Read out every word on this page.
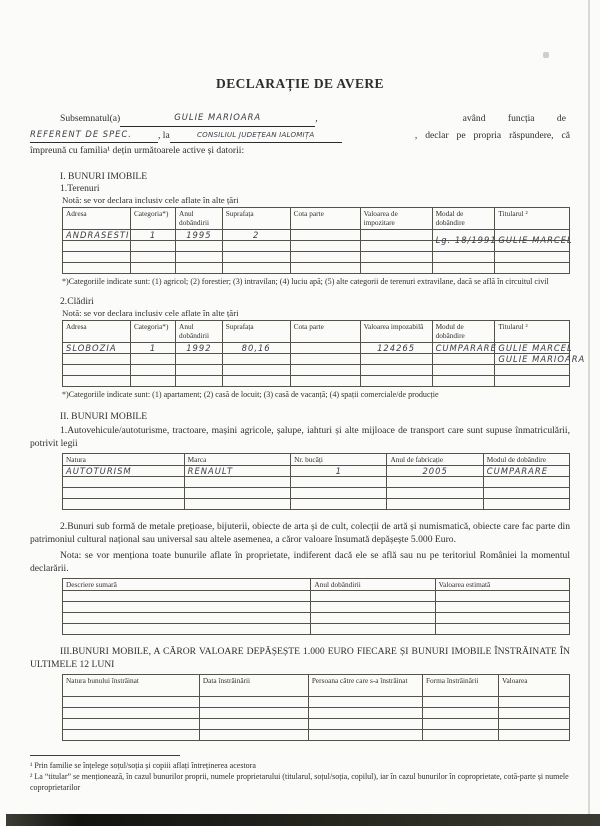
DECLARAȚIE DE AVERE
Subsemnatul(a)	GULIE MARIOARA	,	având funcția de
REFERENT DE SPEC.	, la	CONSILIUL JUDEȚEAN IALOMIȚA	, declar pe propria răspundere, că
împreună cu familia¹ dețin următoarele active și datorii:
I. BUNURI IMOBILE
1.Terenuri
Notă: se vor declara inclusiv cele aflate în alte țări
Adresa	Categoria*)	Anul dobândirii	Suprafața	Cota parte	Valoarea de impozitare	Modal de dobândire	Titularul ²
ANDRASESTI	1	1995	2			Lg. 18/1991	GULIE MARCEL

*)Categoriile indicate sunt: (1) agricol; (2) forestier; (3) intravilan; (4) luciu apă; (5) alte categorii de terenuri extravilane, dacă se află în circuitul civil
2.Clădiri
Notă: se vor declara inclusiv cele aflate în alte țări
Adresa	Categoria*)	Anul dobândirii	Suprafața	Cota parte	Valoarea impozabilă	Modul de dobândire	Titularul ²
SLOBOZIA	1	1992	80,16		124265	CUMPARARE	GULIE MARCEL
							GULIE MARIOARA

*)Categoriile indicate sunt: (1) apartament; (2) casă de locuit; (3) casă de vacanță; (4) spații comerciale/de producție
II. BUNURI MOBILE
1.Autovehicule/autoturisme, tractoare, mașini agricole, șalupe, iahturi și alte mijloace de transport care sunt supuse înmatriculării, potrivit legii
Natura	Marca	Nr. bucăți	Anul de fabricație	Modul de dobândire
AUTOTURISM	RENAULT	1	2005	CUMPARARE

2.Bunuri sub formă de metale prețioase, bijuterii, obiecte de arta și de cult, colecții de artă și numismatică, obiecte care fac parte din patrimoniul cultural național sau universal sau altele asemenea, a căror valoare însumată depășește 5.000 Euro.
Nota: se vor menționa toate bunurile aflate în proprietate, indiferent dacă ele se află sau nu pe teritoriul României la momentul declarării.
Descriere sumară	Anul dobândirii	Valoarea estimată

III.BUNURI MOBILE, A CĂROR VALOARE DEPĂȘEȘTE 1.000 EURO FIECARE ȘI BUNURI IMOBILE ÎNSTRĂINATE ÎN ULTIMELE 12 LUNI
Natura bunului înstrăinat	Data înstrăinării	Persoana către care s-a înstrăinat	Forma înstrăinării	Valoarea

¹ Prin familie se înțelege soțul/soția și copiii aflați întreținerea acestora
² La “titular” se menționează, în cazul bunurilor proprii, numele proprietarului (titularul, soțul/soția, copilul), iar în cazul bunurilor în coproprietate, cotă-parte și numele coproprietarilor
